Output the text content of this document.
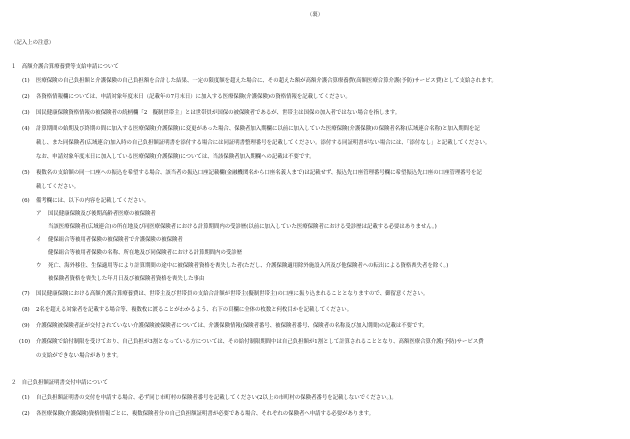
（裏）
（記入上の注意）
１　高額介護合算療養費等支給申請について
(1) 医療保険の自己負担額と介護保険の自己負担額を合計した結果、一定の限度額を超えた場合に、その超えた額が高額介護合算療養費(高額医療合算介護(予防)サービス費)として支給されます。
(2) 各資格情報欄については、申請対象年度末日（記載年の7月末日）に加入する医療保険(介護保険)の資格情報を記載してください。
(3) 国民健康保険資格情報の被保険者の続柄欄「2　擬制世帯主」とは世帯員が国保の被保険者であるが、世帯主は国保の加入者ではない場合を指します。
(4) 計算期間の始期及び終期の間に加入する医療保険(介護保険)に変更があった場合、保険者加入期欄に以前に加入していた医療保険(介護保険)の保険者名称(広域連合名称)と加入期間を記
載し、また同保険者(広域連合)加入時の自己負担額証明書を添付する場合には同証明書整理番号を記載してください。添付する同証明書がない場合には、「添付なし」と記載してください。
なお、申請対象年度末日に加入している医療保険(介護保険)については、当該保険者加入期欄への記載は不要です。
(5) 複数名の支給額の同一口座への振込を希望する場合、該当者の振込口座記載欄(金融機関名から口座名義人まで)は記載せず、振込先口座管理番号欄に希望振込先口座の口座管理番号を記
載してください。
(6) 備考欄には、以下の内容を記載してください。
ア 国民健康保険及び後期高齢者医療の被保険者
当該医療保険者(広域連合)の所在地及び同医療保険者における計算期間内の受診歴(以前に加入していた医療保険者における受診歴は記載する必要はありません。)
イ 健保組合等被用者保険の被保険者で介護保険の被保険者
健保組合等被用者保険の名称、所在地及び同保険者における計算期間内の受診歴
ウ 死亡、海外移住、生保適用等により計算期間の途中に被保険者資格を喪失した者(ただし、介護保険適用除外施設入所及び他保険者への転出による資格喪失者を除く。)
被保険者資格を喪失した年月日及び被保険者資格を喪失した事由
(7) 国民健康保険における高額介護合算療養費は、世帯主及び世帯員の支給合計額が世帯主(擬制世帯主)の口座に振り込まれることとなりますので、御留意ください。
(8) 2名を超える対象者を記載する場合等、複数枚に渡ることがわかるよう、右下の頁欄に全体の枚数と何枚目かを記載してください。
(9) 介護保険被保険者証が交付されていない介護保険被保険者については、介護保険情報(保険者番号、被保険者番号、保険者の名称及び加入期間)の記載は不要です。
(10) 介護保険で給付制限を受けており、自己負担が3割となっている方については、その給付制限期間中は自己負担額が1割として計算されることとなり、高額医療合算介護(予防)サービス費
の支給ができない場合があります。
２　自己負担額証明書交付申請について
(1) 自己負担額証明書の交付を申請する場合、必ず同じ市町村の保険者番号を記載してください(2以上の市町村の保険者番号を記載しないでください。)。
(2) 各医療保険(介護保険)資格情報ごとに、複数保険者分の自己負担額証明書が必要である場合、それぞれの保険者へ申請する必要があります。
